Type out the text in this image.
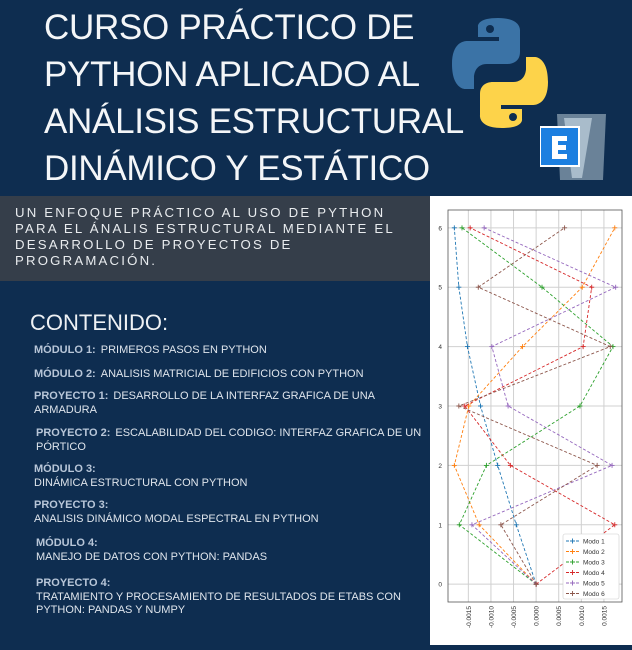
CURSO PRÁCTICO DE
PYTHON APLICADO AL
ANÁLISIS ESTRUCTURAL
DINÁMICO Y ESTÁTICO

UN ENFOQUE PRÁCTICO AL USO DE PYTHON PARA EL ÁNALIS ESTRUCTURAL MEDIANTE EL DESARROLLO DE PROYECTOS DE PROGRAMACIÓN.

CONTENIDO:
MÓDULO 1: PRIMEROS PASOS EN PYTHON
MÓDULO 2: ANALISIS MATRICIAL DE EDIFICIOS CON PYTHON
PROYECTO 1: DESARROLLO DE LA INTERFAZ GRAFICA DE UNA ARMADURA
PROYECTO 2: ESCALABILIDAD DEL CODIGO: INTERFAZ GRAFICA DE UN PÓRTICO
MÓDULO 3:
DINÁMICA ESTRUCTURAL CON PYTHON
PROYECTO 3:
ANALISIS DINÁMICO MODAL ESPECTRAL EN PYTHON
MÓDULO 4:
MANEJO DE DATOS CON PYTHON: PANDAS
PROYECTO 4:
TRATAMIENTO Y PROCESAMIENTO DE RESULTADOS DE ETABS CON PYTHON: PANDAS Y NUMPY	-0.0015 -0.0010 -0.0005 0.0000 0.0005 0.0010 0.0015
0
1
2
3
4
5
6
Modo 1
Modo 2
Modo 3
Modo 4
Modo 5
Modo 6
